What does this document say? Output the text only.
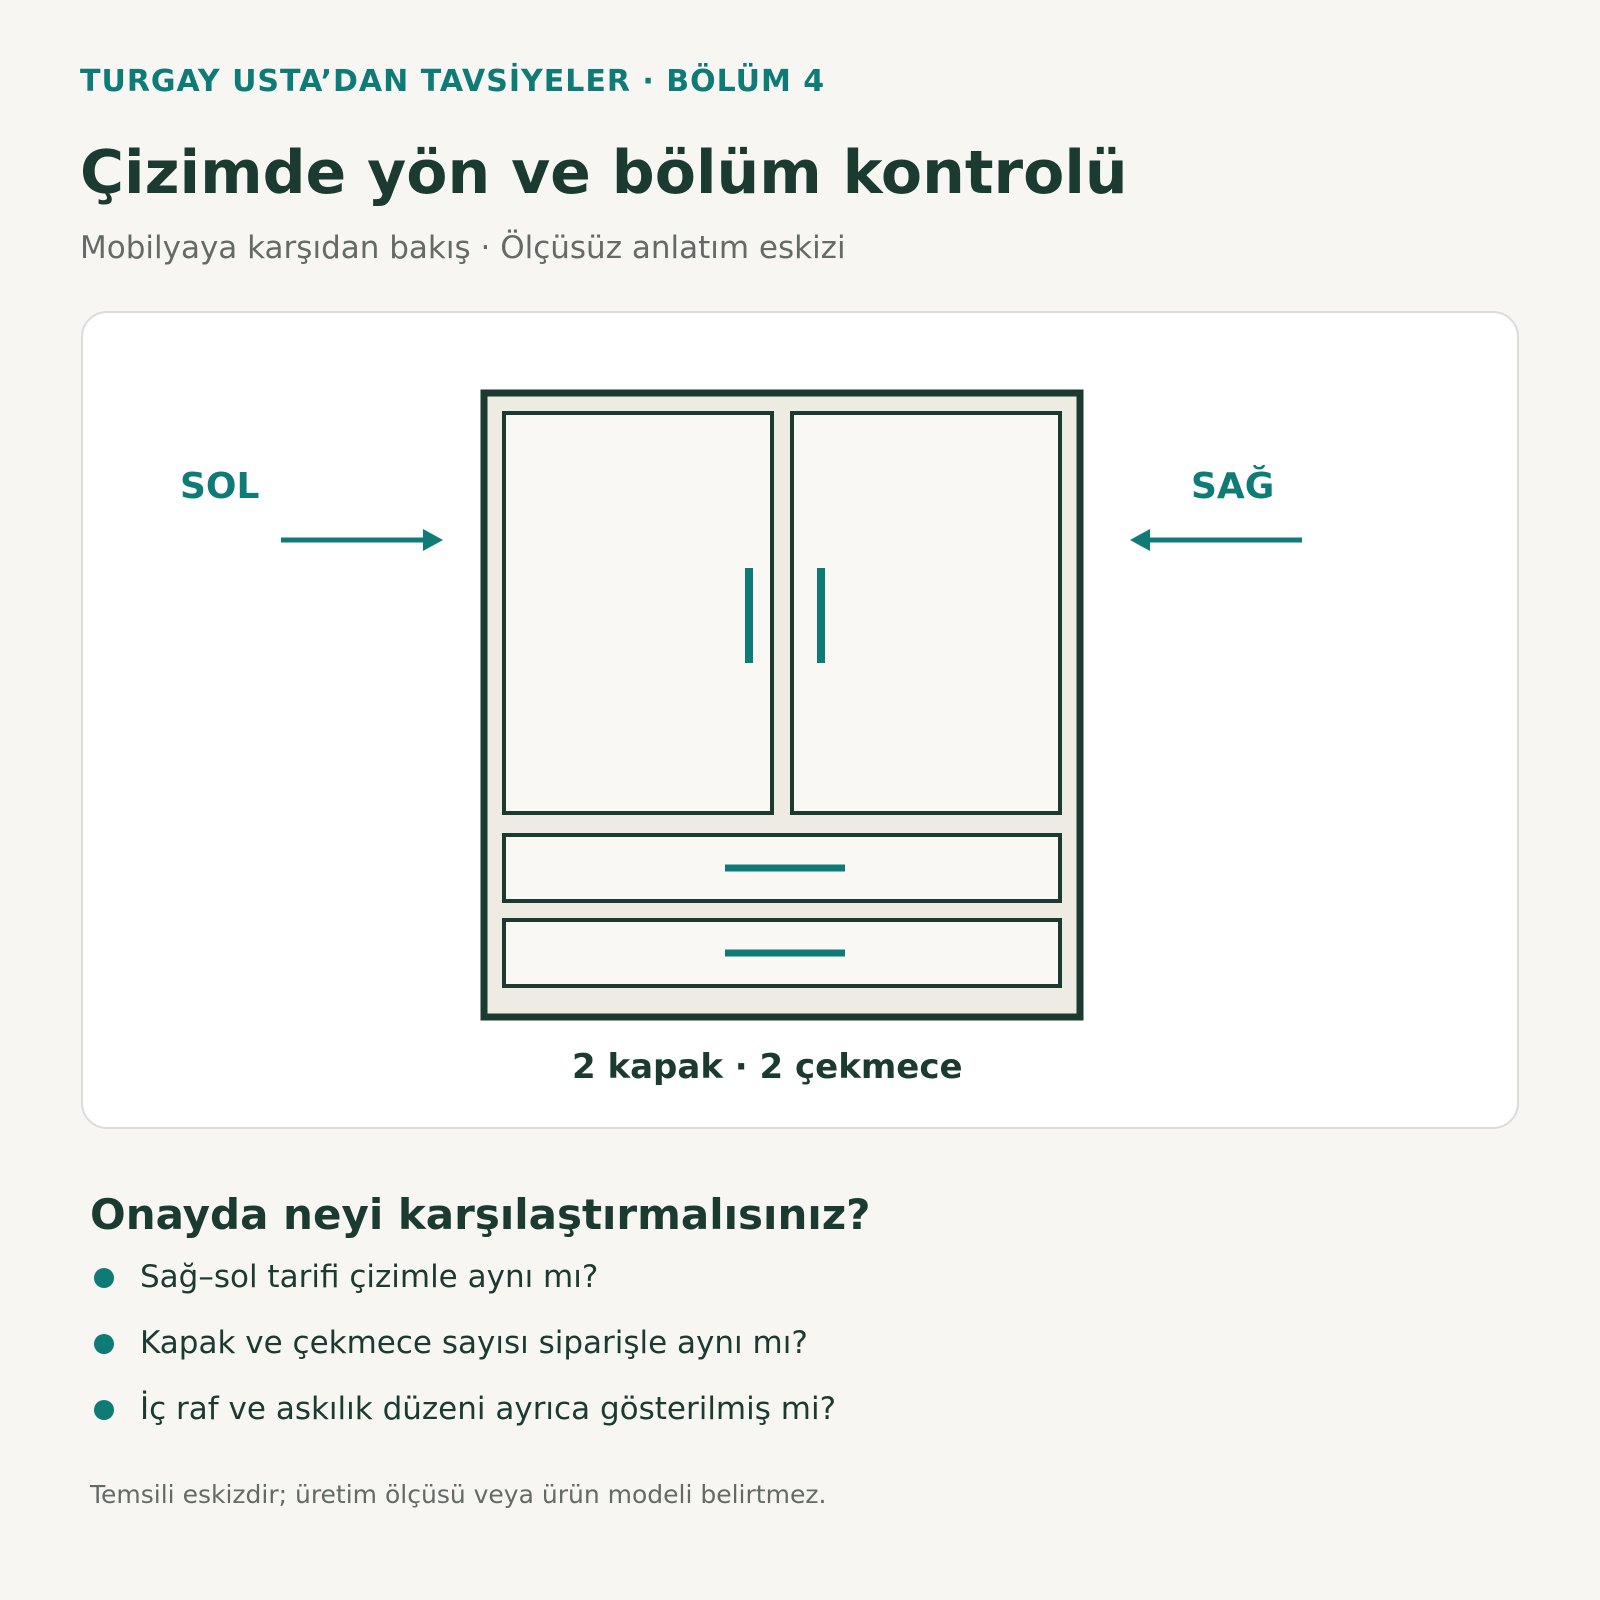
TURGAY USTA’DAN TAVSİYELER · BÖLÜM 4
Çizimde yön ve bölüm kontrolü
Mobilyaya karşıdan bakış · Ölçüsüz anlatım eskizi
SOL	SAĞ
2 kapak · 2 çekmece
Onayda neyi karşılaştırmalısınız?
Sağ–sol tarifi çizimle aynı mı?
Kapak ve çekmece sayısı siparişle aynı mı?
İç raf ve askılık düzeni ayrıca gösterilmiş mi?
Temsili eskizdir; üretim ölçüsü veya ürün modeli belirtmez.
